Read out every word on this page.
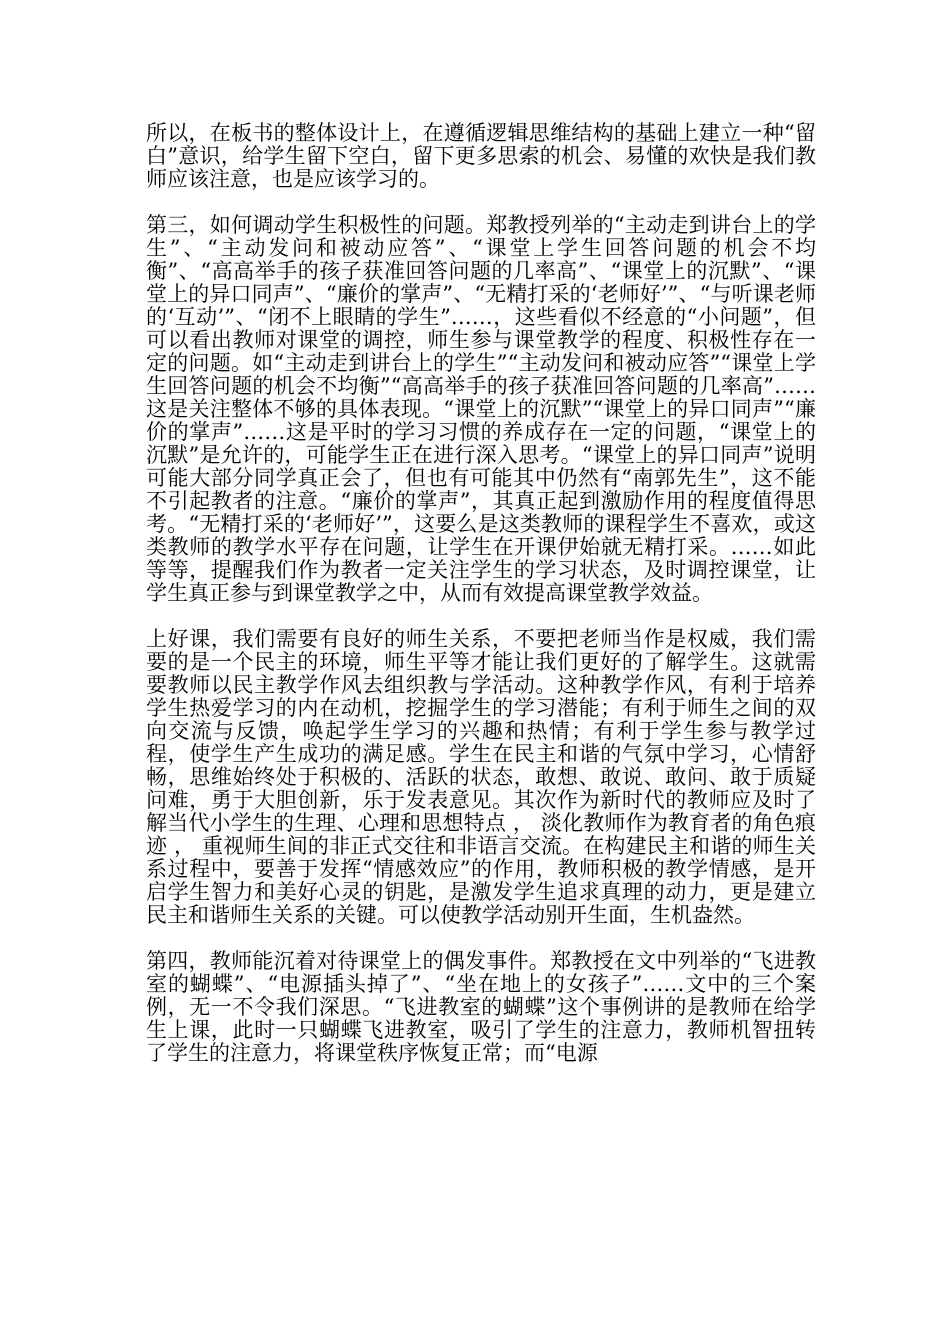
所以，在板书的整体设计上，在遵循逻辑思维结构的基础上建立一种“留白”意识，给学生留下空白，留下更多思索的机会、易懂的欢快是我们教师应该注意，也是应该学习的。

第三，如何调动学生积极性的问题。郑教授列举的“主动走到讲台上的学生”、“主动发问和被动应答”、“课堂上学生回答问题的机会不均衡”、“高高举手的孩子获准回答问题的几率高”、“课堂上的沉默”、“课堂上的异口同声”、“廉价的掌声”、“无精打采的‘老师好’”、“与听课老师的‘互动’”、“闭不上眼睛的学生”……，这些看似不经意的“小问题”，但可以看出教师对课堂的调控，师生参与课堂教学的程度、积极性存在一定的问题。如“主动走到讲台上的学生”“主动发问和被动应答”“课堂上学生回答问题的机会不均衡”“高高举手的孩子获准回答问题的几率高”……这是关注整体不够的具体表现。“课堂上的沉默”“课堂上的异口同声”“廉价的掌声”……这是平时的学习习惯的养成存在一定的问题，“课堂上的沉默”是允许的，可能学生正在进行深入思考。“课堂上的异口同声”说明可能大部分同学真正会了，但也有可能其中仍然有“南郭先生”，这不能不引起教者的注意。“廉价的掌声”，其真正起到激励作用的程度值得思考。“无精打采的‘老师好’”，这要么是这类教师的课程学生不喜欢，或这类教师的教学水平存在问题，让学生在开课伊始就无精打采。……如此等等，提醒我们作为教者一定关注学生的学习状态，及时调控课堂，让学生真正参与到课堂教学之中，从而有效提高课堂教学效益。

上好课，我们需要有良好的师生关系，不要把老师当作是权威，我们需要的是一个民主的环境，师生平等才能让我们更好的了解学生。这就需要教师以民主教学作风去组织教与学活动。这种教学作风，有利于培养学生热爱学习的内在动机，挖掘学生的学习潜能；有利于师生之间的双向交流与反馈，唤起学生学习的兴趣和热情；有利于学生参与教学过程，使学生产生成功的满足感。学生在民主和谐的气氛中学习，心情舒畅，思维始终处于积极的、活跃的状态，敢想、敢说、敢问、敢于质疑问难，勇于大胆创新，乐于发表意见。其次作为新时代的教师应及时了解当代小学生的生理、心理和思想特点 ， 淡化教师作为教育者的角色痕迹 ， 重视师生间的非正式交往和非语言交流。在构建民主和谐的师生关系过程中，要善于发挥“情感效应”的作用，教师积极的教学情感，是开启学生智力和美好心灵的钥匙，是激发学生追求真理的动力，更是建立民主和谐师生关系的关键。可以使教学活动别开生面，生机盎然。

第四，教师能沉着对待课堂上的偶发事件。郑教授在文中列举的“飞进教室的蝴蝶”、“电源插头掉了”、“坐在地上的女孩子”……文中的三个案例，无一不令我们深思。“飞进教室的蝴蝶”这个事例讲的是教师在给学生上课，此时一只蝴蝶飞进教室，吸引了学生的注意力，教师机智扭转了学生的注意力，将课堂秩序恢复正常；而“电源
